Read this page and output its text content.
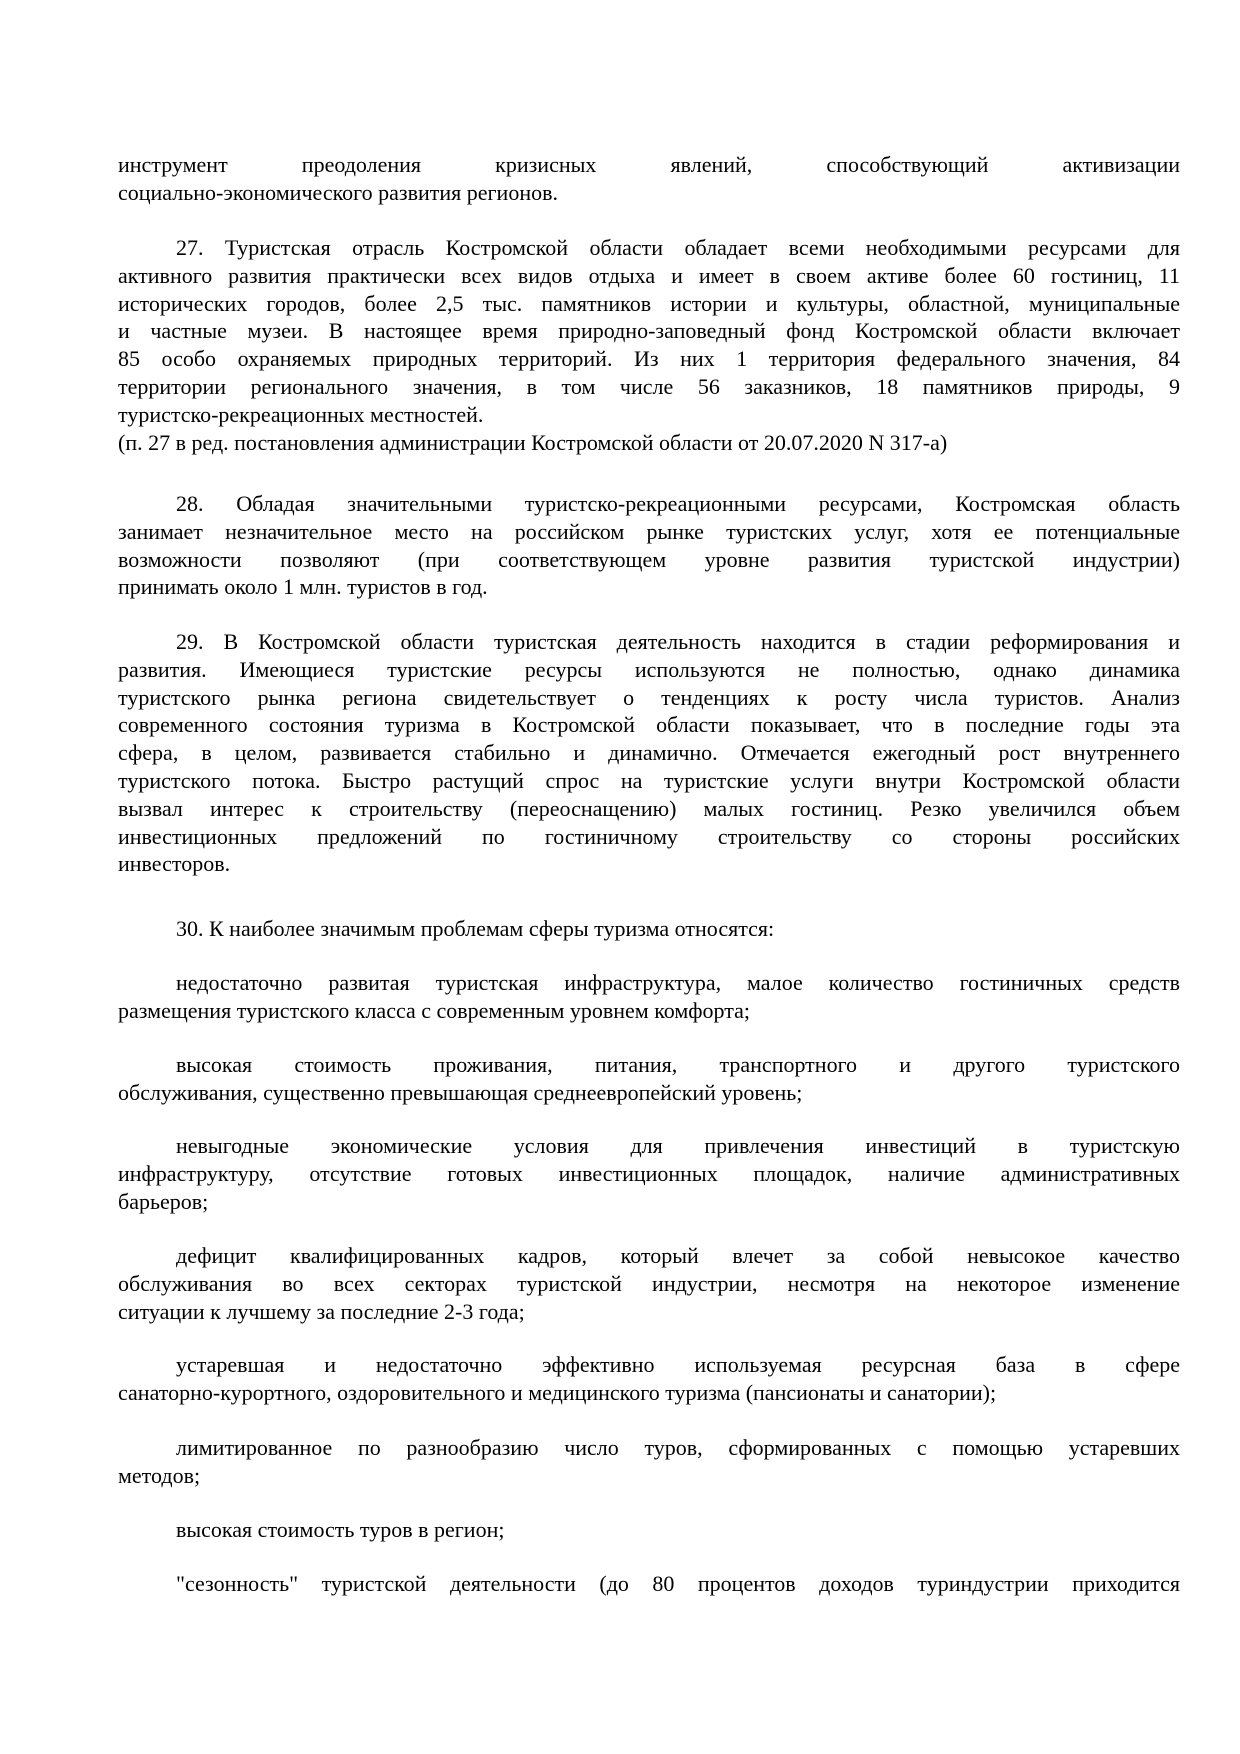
инструмент преодоления кризисных явлений, способствующий активизации
социально-экономического развития регионов.
27. Туристская отрасль Костромской области обладает всеми необходимыми ресурсами для
активного развития практически всех видов отдыха и имеет в своем активе более 60 гостиниц, 11
исторических городов, более 2,5 тыс. памятников истории и культуры, областной, муниципальные
и частные музеи. В настоящее время природно-заповедный фонд Костромской области включает
85 особо охраняемых природных территорий. Из них 1 территория федерального значения, 84
территории регионального значения, в том числе 56 заказников, 18 памятников природы, 9
туристско-рекреационных местностей.
(п. 27 в ред. постановления администрации Костромской области от 20.07.2020 N 317-а)
28. Обладая значительными туристско-рекреационными ресурсами, Костромская область
занимает незначительное место на российском рынке туристских услуг, хотя ее потенциальные
возможности позволяют (при соответствующем уровне развития туристской индустрии)
принимать около 1 млн. туристов в год.
29. В Костромской области туристская деятельность находится в стадии реформирования и
развития. Имеющиеся туристские ресурсы используются не полностью, однако динамика
туристского рынка региона свидетельствует о тенденциях к росту числа туристов. Анализ
современного состояния туризма в Костромской области показывает, что в последние годы эта
сфера, в целом, развивается стабильно и динамично. Отмечается ежегодный рост внутреннего
туристского потока. Быстро растущий спрос на туристские услуги внутри Костромской области
вызвал интерес к строительству (переоснащению) малых гостиниц. Резко увеличился объем
инвестиционных предложений по гостиничному строительству со стороны российских
инвесторов.
30. К наиболее значимым проблемам сферы туризма относятся:
недостаточно развитая туристская инфраструктура, малое количество гостиничных средств
размещения туристского класса с современным уровнем комфорта;
высокая стоимость проживания, питания, транспортного и другого туристского
обслуживания, существенно превышающая среднеевропейский уровень;
невыгодные экономические условия для привлечения инвестиций в туристскую
инфраструктуру, отсутствие готовых инвестиционных площадок, наличие административных
барьеров;
дефицит квалифицированных кадров, который влечет за собой невысокое качество
обслуживания во всех секторах туристской индустрии, несмотря на некоторое изменение
ситуации к лучшему за последние 2-3 года;
устаревшая и недостаточно эффективно используемая ресурсная база в сфере
санаторно-курортного, оздоровительного и медицинского туризма (пансионаты и санатории);
лимитированное по разнообразию число туров, сформированных с помощью устаревших
методов;
высокая стоимость туров в регион;
"сезонность" туристской деятельности (до 80 процентов доходов туриндустрии приходится
